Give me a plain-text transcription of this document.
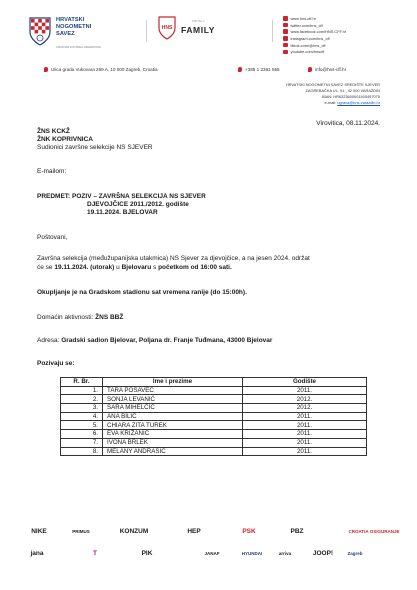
HRVATSKI
NOGOMETNI
SAVEZ
CROATIAN FOOTBALL FEDERATION
HNS
OBITELJ
FAMILY
www.hns-cff.hr
twitter.com/hns_cff
www.facebook.com/HNS.CFF.hr
instagram.com/hns_cff
tiktok.com/@hns_cff
youtube.com/hnscff
Ulica grada Vukovara 269 A, 10 000 Zagreb, Croatia	+385 1 2361 555	info@hns-cff.hr
HRVATSKI NOGOMETNI SAVEZ SREDIŠTE SJEVER
ZAGREBAČKA UL. 91., 42 000 VARAŽDIN
IBAN: HR6323600001400497070
e-mail: ugrava@hns-varazdin.hr
Virovitica, 08.11.2024.
ŽNS KCKŽ
ŽNK KOPRIVNICA
Sudionici završne selekcije NS SJEVER
E-mailom:
PREDMET: POZIV – ZAVRŠNA SELEKCIJA NS SJEVER
DJEVOJČICE 2011./2012. godište
19.11.2024. BJELOVAR
Poštovani,
Završna selekcija (međužupanijska utakmica) NS Sjever za djevojčice, a na jesen 2024. održat
će se 19.11.2024. (utorak) u Bjelovaru s početkom od 16:00 sati.
Okupljanje je na Gradskom stadionu sat vremena ranije (do 15:00h).
Domaćin aktivnosti: ŽNS BBŽ
Adresa: Gradski sadion Bjelovar, Poljana dr. Franje Tuđmana, 43000 Bjelovar
Pozivaju se:
R. Br.	Ime i prezime	Godište
1.	TARA POSAVEC	2011.
2.	SONJA LEVANIĆ	2012.
3.	SARA MIHELČIĆ	2012.
4.	ANA BILIĆ	2011.
5.	CHIARA ZITA TUREK	2011.
6.	EVA KRIŽANIĆ	2011.
7.	IVONA BRLEK	2011.
8.	MELANY ANDRAŠIĆ	2011.
NIKE	PRIMUS	KONZUM	HEP	PSK	PBZ	CROATIA OSIGURANJE
jana	T	PIK	JANAF	HYUNDAI	arriva	JOOP!	Zagreb
